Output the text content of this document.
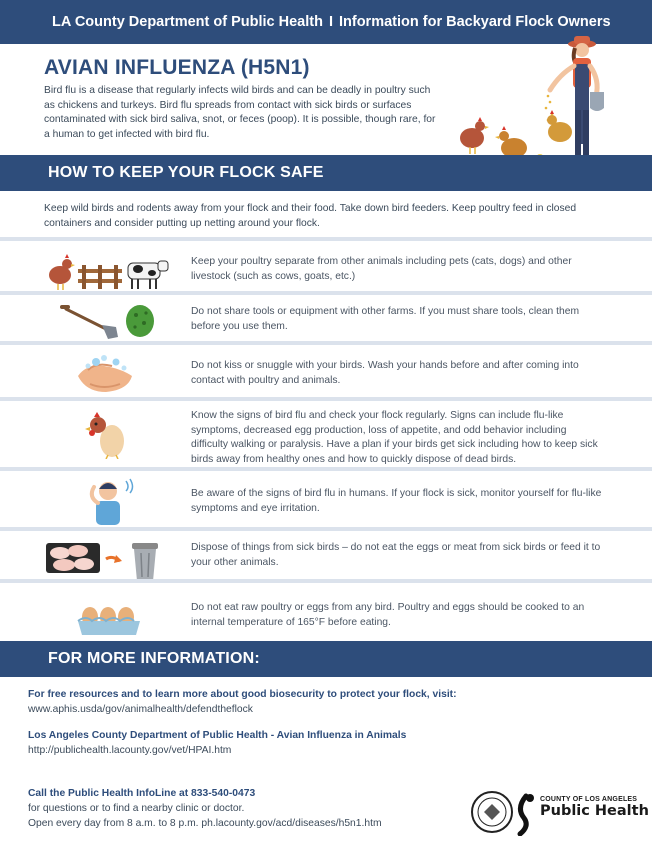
LA County Department of Public Health I Information for Backyard Flock Owners
AVIAN INFLUENZA (H5N1)
Bird flu is a disease that regularly infects wild birds and can be deadly in poultry such as chickens and turkeys. Bird flu spreads from contact with sick birds or surfaces contaminated with sick bird saliva, snot, or feces (poop). It is possible, though rare, for a human to get infected with bird flu.
HOW TO KEEP YOUR FLOCK SAFE
Keep wild birds and rodents away from your flock and their food. Take down bird feeders. Keep poultry feed in closed containers and consider putting up netting around your flock.
Keep your poultry separate from other animals including pets (cats, dogs) and other livestock (such as cows, goats, etc.)
Do not share tools or equipment with other farms. If you must share tools, clean them before you use them.
Do not kiss or snuggle with your birds. Wash your hands before and after coming into contact with poultry and animals.
Know the signs of bird flu and check your flock regularly. Signs can include flu-like symptoms, decreased egg production, loss of appetite, and odd behavior including difficulty walking or paralysis. Have a plan if your birds get sick including how to keep sick birds away from healthy ones and how to quickly dispose of dead birds.
Be aware of the signs of bird flu in humans. If your flock is sick, monitor yourself for flu-like symptoms and eye irritation.
Dispose of things from sick birds – do not eat the eggs or meat from sick birds or feed it to your other animals.
Do not eat raw poultry or eggs from any bird. Poultry and eggs should be cooked to an internal temperature of 165°F before eating.
FOR MORE INFORMATION:
For free resources and to learn more about good biosecurity to protect your flock, visit:
www.aphis.usda/gov/animalhealth/defendtheflock
Los Angeles County Department of Public Health - Avian Influenza in Animals
http://publichealth.lacounty.gov/vet/HPAI.htm
Call the Public Health InfoLine at 833-540-0473
for questions or to find a nearby clinic or doctor.
Open every day from 8 a.m. to 8 p.m. ph.lacounty.gov/acd/diseases/h5n1.htm
COUNTY OF LOS ANGELES
Public Health
